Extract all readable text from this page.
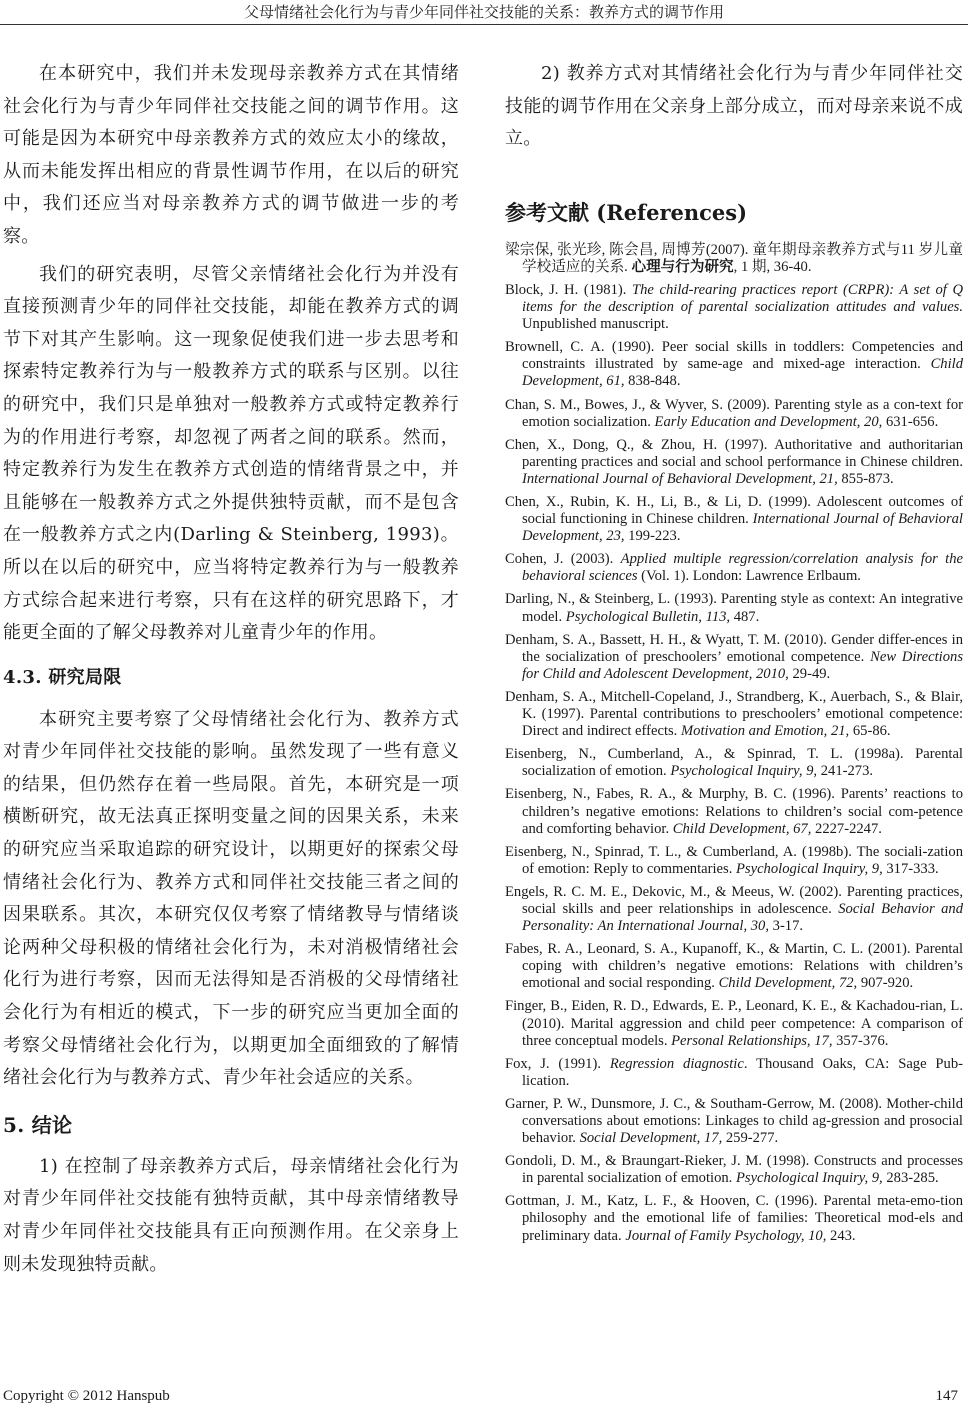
父母情绪社会化行为与青少年同伴社交技能的关系：教养方式的调节作用

在本研究中，我们并未发现母亲教养方式在其情绪社会化行为与青少年同伴社交技能之间的调节作用。这可能是因为本研究中母亲教养方式的效应太小的缘故，从而未能发挥出相应的背景性调节作用，在以后的研究中，我们还应当对母亲教养方式的调节做进一步的考察。

我们的研究表明，尽管父亲情绪社会化行为并没有直接预测青少年的同伴社交技能，却能在教养方式的调节下对其产生影响。这一现象促使我们进一步去思考和探索特定教养行为与一般教养方式的联系与区别。以往的研究中，我们只是单独对一般教养方式或特定教养行为的作用进行考察，却忽视了两者之间的联系。然而，特定教养行为发生在教养方式创造的情绪背景之中，并且能够在一般教养方式之外提供独特贡献，而不是包含在一般教养方式之内(Darling & Steinberg, 1993)。所以在以后的研究中，应当将特定教养行为与一般教养方式综合起来进行考察，只有在这样的研究思路下，才能更全面的了解父母教养对儿童青少年的作用。

4.3. 研究局限

本研究主要考察了父母情绪社会化行为、教养方式对青少年同伴社交技能的影响。虽然发现了一些有意义的结果，但仍然存在着一些局限。首先，本研究是一项横断研究，故无法真正探明变量之间的因果关系，未来的研究应当采取追踪的研究设计，以期更好的探索父母情绪社会化行为、教养方式和同伴社交技能三者之间的因果联系。其次，本研究仅仅考察了情绪教导与情绪谈论两种父母积极的情绪社会化行为，未对消极情绪社会化行为进行考察，因而无法得知是否消极的父母情绪社会化行为有相近的模式，下一步的研究应当更加全面的考察父母情绪社会化行为，以期更加全面细致的了解情绪社会化行为与教养方式、青少年社会适应的关系。

5. 结论

1) 在控制了母亲教养方式后，母亲情绪社会化行为对青少年同伴社交技能有独特贡献，其中母亲情绪教导对青少年同伴社交技能具有正向预测作用。在父亲身上则未发现独特贡献。

2) 教养方式对其情绪社会化行为与青少年同伴社交技能的调节作用在父亲身上部分成立，而对母亲来说不成立。

参考文献 (References)

梁宗保, 张光珍, 陈会昌, 周博芳(2007). 童年期母亲教养方式与11 岁儿童学校适应的关系. 心理与行为研究, 1 期, 36-40.

Block, J. H. (1981). The child-rearing practices report (CRPR): A set of Q items for the description of parental socialization attitudes and values. Unpublished manuscript.

Brownell, C. A. (1990). Peer social skills in toddlers: Competencies and constraints illustrated by same-age and mixed-age interaction. Child Development, 61, 838-848.

Chan, S. M., Bowes, J., & Wyver, S. (2009). Parenting style as a con-text for emotion socialization. Early Education and Development, 20, 631-656.

Chen, X., Dong, Q., & Zhou, H. (1997). Authoritative and authoritarian parenting practices and social and school performance in Chinese children. International Journal of Behavioral Development, 21, 855-873.

Chen, X., Rubin, K. H., Li, B., & Li, D. (1999). Adolescent outcomes of social functioning in Chinese children. International Journal of Behavioral Development, 23, 199-223.

Cohen, J. (2003). Applied multiple regression/correlation analysis for the behavioral sciences (Vol. 1). London: Lawrence Erlbaum.

Darling, N., & Steinberg, L. (1993). Parenting style as context: An integrative model. Psychological Bulletin, 113, 487.

Denham, S. A., Bassett, H. H., & Wyatt, T. M. (2010). Gender differ-ences in the socialization of preschoolers’ emotional competence. New Directions for Child and Adolescent Development, 2010, 29-49.

Denham, S. A., Mitchell-Copeland, J., Strandberg, K., Auerbach, S., & Blair, K. (1997). Parental contributions to preschoolers’ emotional competence: Direct and indirect effects. Motivation and Emotion, 21, 65-86.

Eisenberg, N., Cumberland, A., & Spinrad, T. L. (1998a). Parental socialization of emotion. Psychological Inquiry, 9, 241-273.

Eisenberg, N., Fabes, R. A., & Murphy, B. C. (1996). Parents’ reactions to children’s negative emotions: Relations to children’s social com-petence and comforting behavior. Child Development, 67, 2227-2247.

Eisenberg, N., Spinrad, T. L., & Cumberland, A. (1998b). The sociali-zation of emotion: Reply to commentaries. Psychological Inquiry, 9, 317-333.

Engels, R. C. M. E., Dekovic, M., & Meeus, W. (2002). Parenting practices, social skills and peer relationships in adolescence. Social Behavior and Personality: An International Journal, 30, 3-17.

Fabes, R. A., Leonard, S. A., Kupanoff, K., & Martin, C. L. (2001). Parental coping with children’s negative emotions: Relations with children’s emotional and social responding. Child Development, 72, 907-920.

Finger, B., Eiden, R. D., Edwards, E. P., Leonard, K. E., & Kachadou-rian, L. (2010). Marital aggression and child peer competence: A comparison of three conceptual models. Personal Relationships, 17, 357-376.

Fox, J. (1991). Regression diagnostic. Thousand Oaks, CA: Sage Pub-lication.

Garner, P. W., Dunsmore, J. C., & Southam-Gerrow, M. (2008). Mother-child conversations about emotions: Linkages to child ag-gression and prosocial behavior. Social Development, 17, 259-277.

Gondoli, D. M., & Braungart-Rieker, J. M. (1998). Constructs and processes in parental socialization of emotion. Psychological Inquiry, 9, 283-285.

Gottman, J. M., Katz, L. F., & Hooven, C. (1996). Parental meta-emo-tion philosophy and the emotional life of families: Theoretical mod-els and preliminary data. Journal of Family Psychology, 10, 243.

Copyright © 2012 Hanspub	147
